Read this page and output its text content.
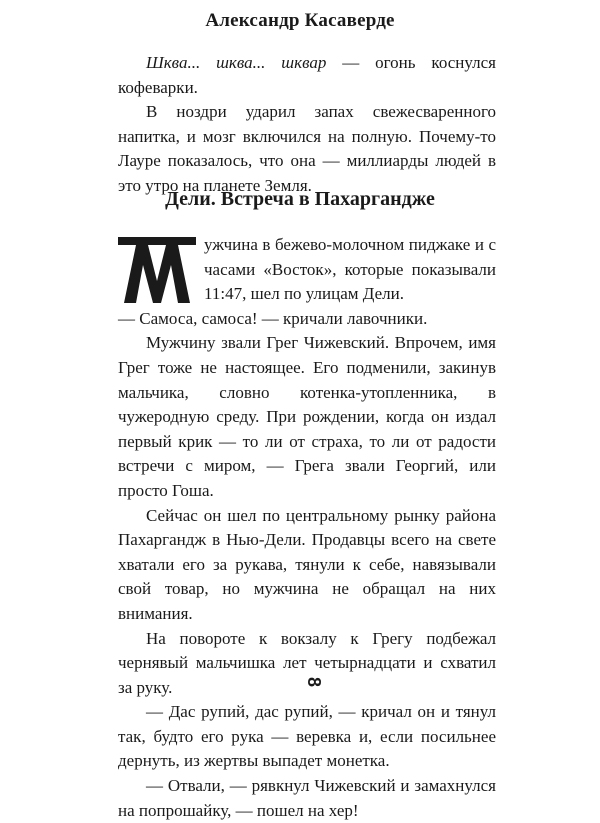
Александр Касаверде

Шква... шква... шквар — огонь коснулся кофеварки.

В ноздри ударил запах свежесваренного напитка, и мозг включился на полную. Почему-то Лауре показалось, что она — миллиарды людей в это утро на планете Земля.

Дели. Встреча в Пахаргандже

ужчина в бежево-молочном пиджаке и с часами «Восток», которые показывали 11:47, шел по улицам Дели.

— Самоса, самоса! — кричали лавочники.

Мужчину звали Грег Чижевский. Впрочем, имя Грег тоже не настоящее. Его подменили, закинув мальчика, словно котенка-утопленника, в чужеродную среду. При рождении, когда он издал первый крик — то ли от страха, то ли от радости встречи с миром, — Грега звали Георгий, или просто Гоша.

Сейчас он шел по центральному рынку района Пахаргандж в Нью-Дели. Продавцы всего на свете хватали его за рукава, тянули к себе, навязывали свой товар, но мужчина не обращал на них внимания.

На повороте к вокзалу к Грегу подбежал чернявый мальчишка лет четырнадцати и схватил за руку.

— Дас рупий, дас рупий, — кричал он и тянул так, будто его рука — веревка и, если посильнее дернуть, из жертвы выпадет монетка.

— Отвали, — рявкнул Чижевский и замахнулся на попрошайку, — пошел на хер!

8
